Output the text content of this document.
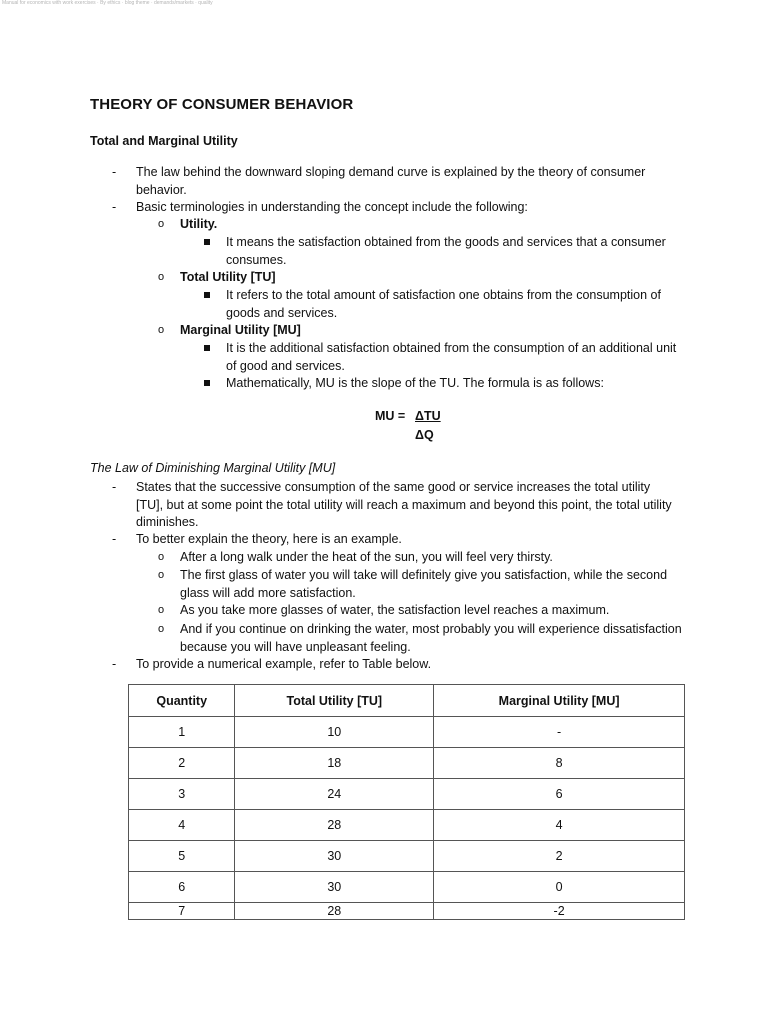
Manual for economics with work exercises · By ethics · blog theme · demands/markets · quality
THEORY OF CONSUMER BEHAVIOR
Total and Marginal Utility
-	The law behind the downward sloping demand curve is explained by the theory of consumer behavior.
-	Basic terminologies in understanding the concept include the following:
o	Utility.
It means the satisfaction obtained from the goods and services that a consumer consumes.
o	Total Utility [TU]
It refers to the total amount of satisfaction one obtains from the consumption of goods and services.
o	Marginal Utility [MU]
It is the additional satisfaction obtained from the consumption of an additional unit of good and services.
Mathematically, MU is the slope of the TU. The formula is as follows:
MU = ΔTU
ΔQ
The Law of Diminishing Marginal Utility [MU]
-	States that the successive consumption of the same good or service increases the total utility [TU], but at some point the total utility will reach a maximum and beyond this point, the total utility diminishes.
-	To better explain the theory, here is an example.
o	After a long walk under the heat of the sun, you will feel very thirsty.
o	The first glass of water you will take will definitely give you satisfaction, while the second glass will add more satisfaction.
o	As you take more glasses of water, the satisfaction level reaches a maximum.
o	And if you continue on drinking the water, most probably you will experience dissatisfaction because you will have unpleasant feeling.
-	To provide a numerical example, refer to Table below.
Quantity	Total Utility [TU]	Marginal Utility [MU]
1	10	-
2	18	8
3	24	6
4	28	4
5	30	2
6	30	0
7	28	-2
